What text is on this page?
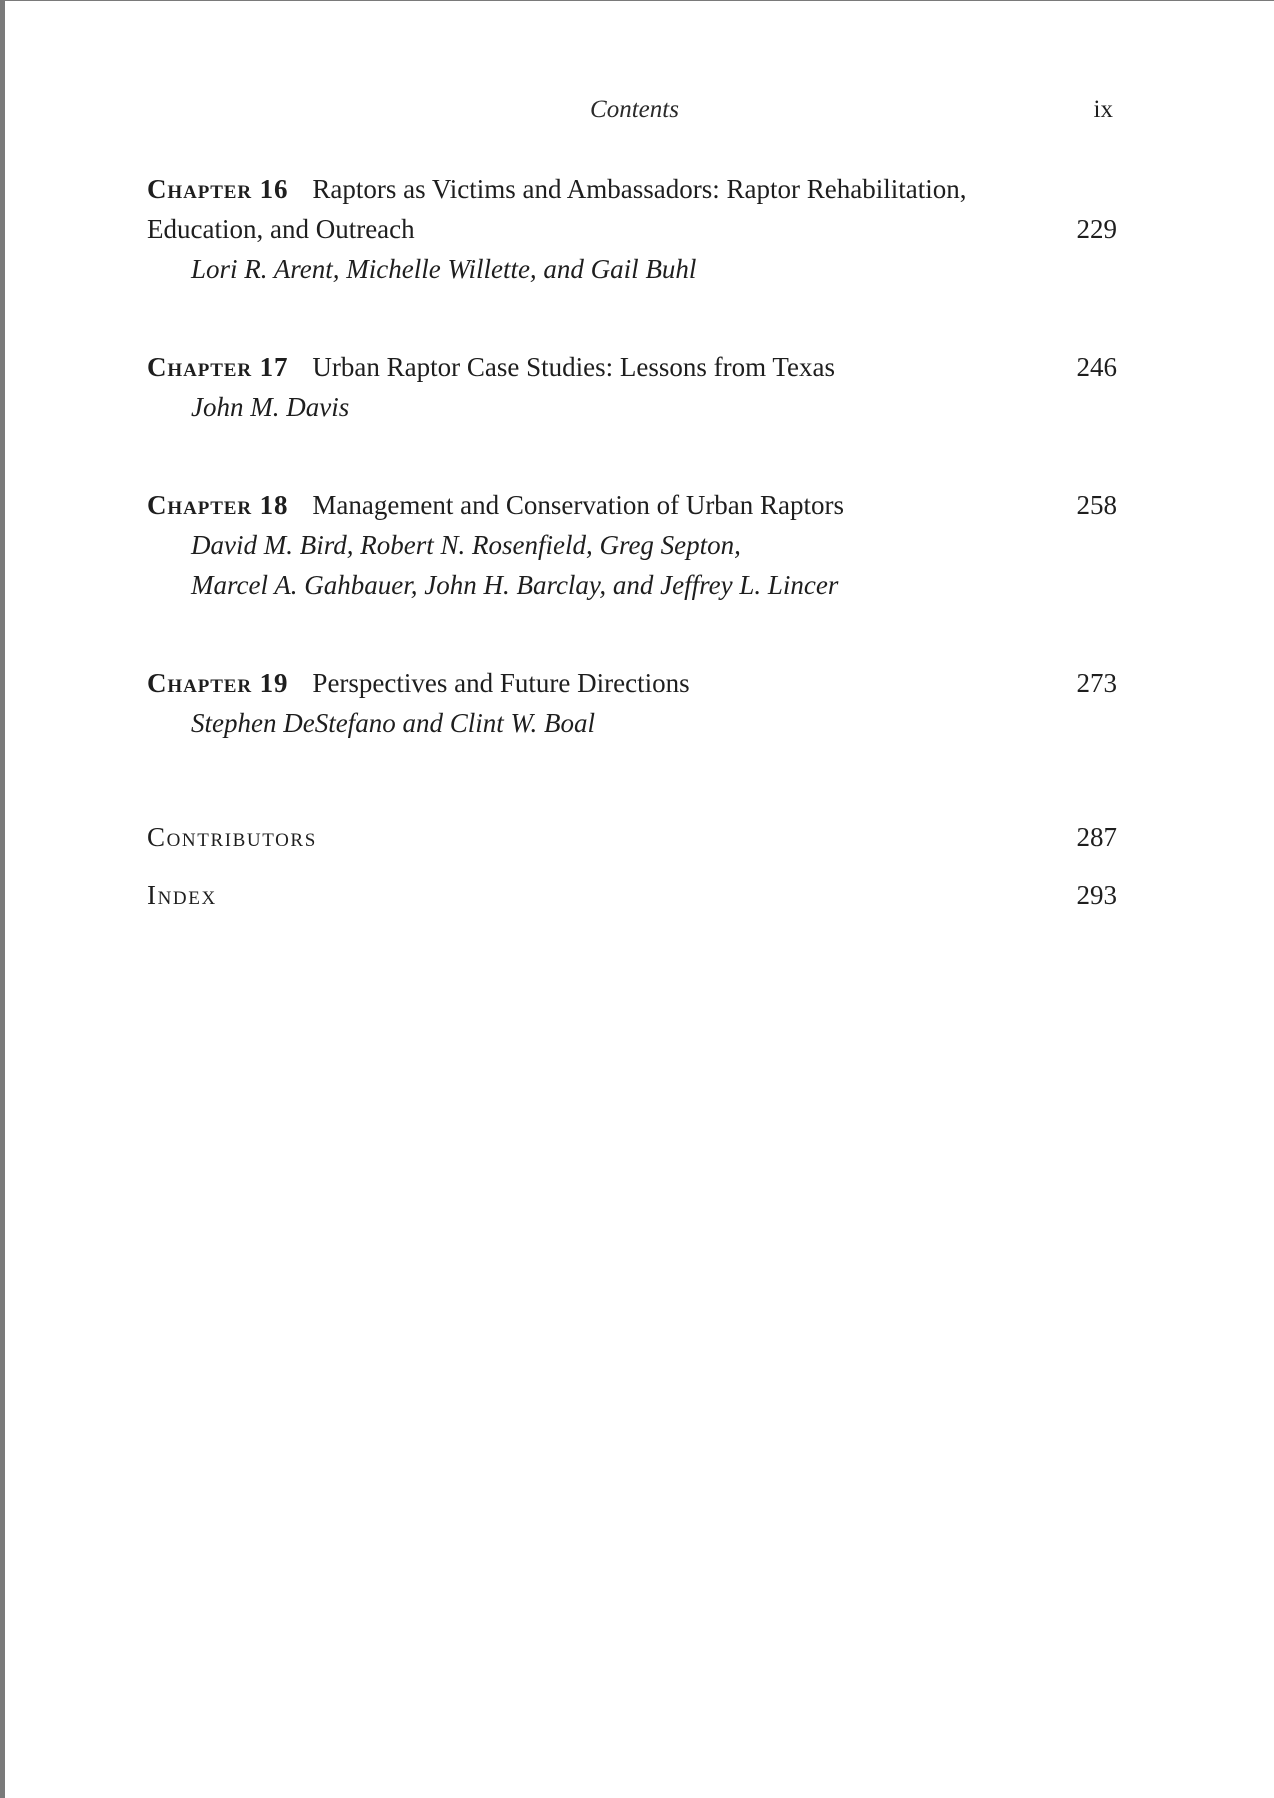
Contents	ix
Chapter 16 Raptors as Victims and Ambassadors: Raptor Rehabilitation,
Education, and Outreach	229
Lori R. Arent, Michelle Willette, and Gail Buhl
Chapter 17 Urban Raptor Case Studies: Lessons from Texas	246
John M. Davis
Chapter 18 Management and Conservation of Urban Raptors	258
David M. Bird, Robert N. Rosenfield, Greg Septon,
Marcel A. Gahbauer, John H. Barclay, and Jeffrey L. Lincer
Chapter 19 Perspectives and Future Directions	273
Stephen DeStefano and Clint W. Boal
Contributors	287
Index	293
